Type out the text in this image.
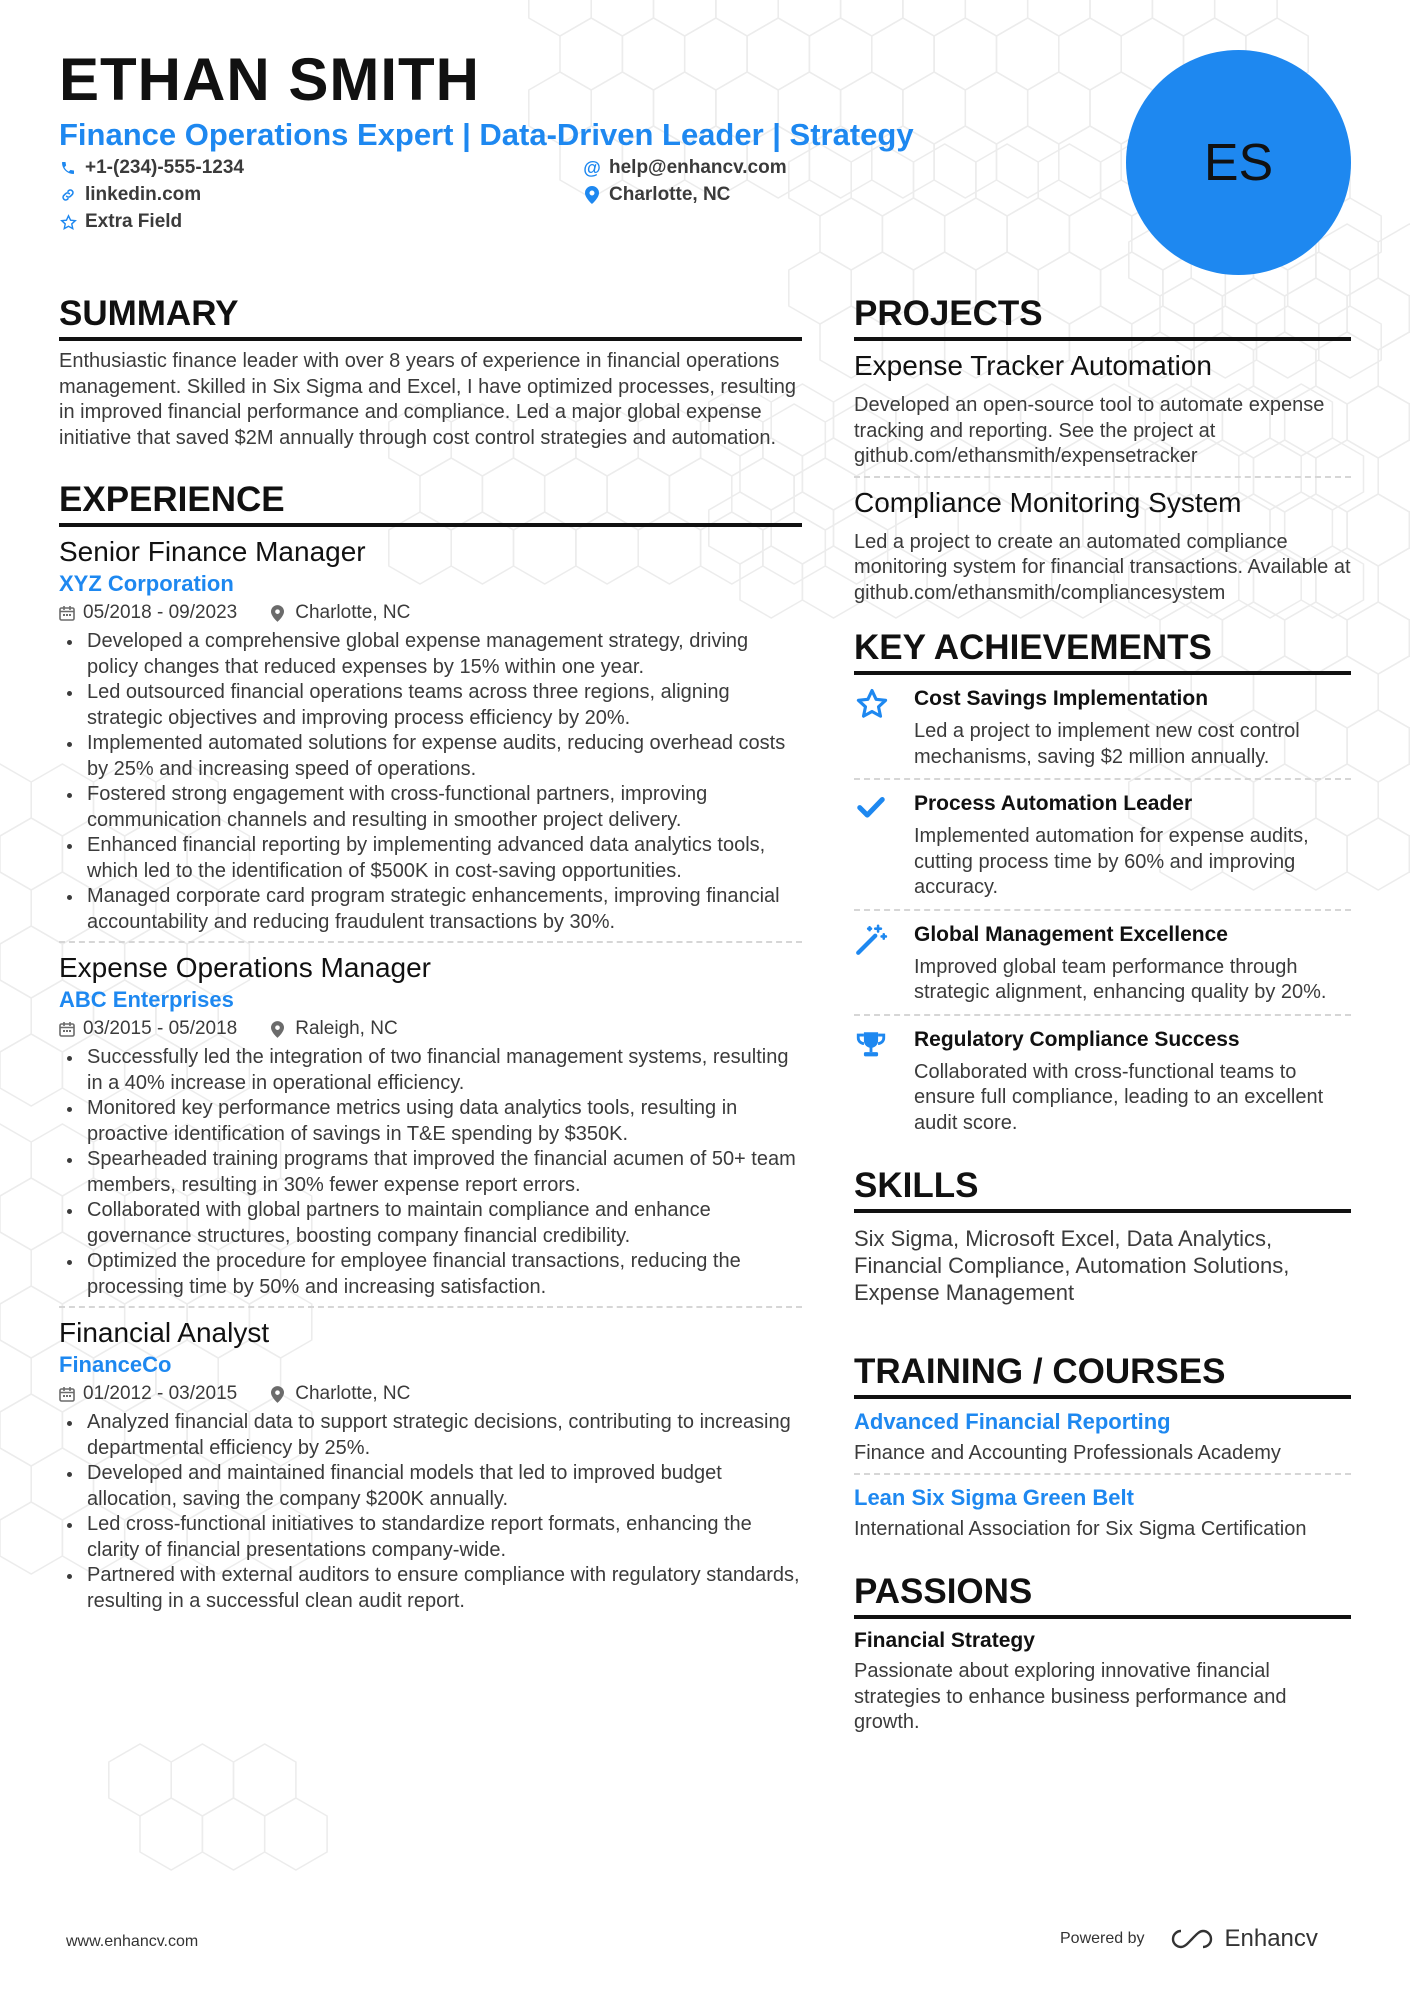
ETHAN SMITH
Finance Operations Expert | Data-Driven Leader | Strategy
+1-(234)-555-1234	@ help@enhancv.com
linkedin.com	Charlotte, NC
Extra Field
ES
SUMMARY
Enthusiastic finance leader with over 8 years of experience in financial operations management. Skilled in Six Sigma and Excel, I have optimized processes, resulting in improved financial performance and compliance. Led a major global expense initiative that saved $2M annually through cost control strategies and automation.
EXPERIENCE
Senior Finance Manager
XYZ Corporation
05/2018 - 09/2023	Charlotte, NC
Developed a comprehensive global expense management strategy, driving policy changes that reduced expenses by 15% within one year.
Led outsourced financial operations teams across three regions, aligning strategic objectives and improving process efficiency by 20%.
Implemented automated solutions for expense audits, reducing overhead costs by 25% and increasing speed of operations.
Fostered strong engagement with cross-functional partners, improving communication channels and resulting in smoother project delivery.
Enhanced financial reporting by implementing advanced data analytics tools, which led to the identification of $500K in cost-saving opportunities.
Managed corporate card program strategic enhancements, improving financial accountability and reducing fraudulent transactions by 30%.
Expense Operations Manager
ABC Enterprises
03/2015 - 05/2018	Raleigh, NC
Successfully led the integration of two financial management systems, resulting in a 40% increase in operational efficiency.
Monitored key performance metrics using data analytics tools, resulting in proactive identification of savings in T&E spending by $350K.
Spearheaded training programs that improved the financial acumen of 50+ team members, resulting in 30% fewer expense report errors.
Collaborated with global partners to maintain compliance and enhance governance structures, boosting company financial credibility.
Optimized the procedure for employee financial transactions, reducing the processing time by 50% and increasing satisfaction.
Financial Analyst
FinanceCo
01/2012 - 03/2015	Charlotte, NC
Analyzed financial data to support strategic decisions, contributing to increasing departmental efficiency by 25%.
Developed and maintained financial models that led to improved budget allocation, saving the company $200K annually.
Led cross-functional initiatives to standardize report formats, enhancing the clarity of financial presentations company-wide.
Partnered with external auditors to ensure compliance with regulatory standards, resulting in a successful clean audit report.
PROJECTS
Expense Tracker Automation
Developed an open-source tool to automate expense tracking and reporting. See the project at github.com/ethansmith/expensetracker
Compliance Monitoring System
Led a project to create an automated compliance monitoring system for financial transactions. Available at github.com/ethansmith/compliancesystem
KEY ACHIEVEMENTS
Cost Savings Implementation
Led a project to implement new cost control mechanisms, saving $2 million annually.
Process Automation Leader
Implemented automation for expense audits, cutting process time by 60% and improving accuracy.
Global Management Excellence
Improved global team performance through strategic alignment, enhancing quality by 20%.
Regulatory Compliance Success
Collaborated with cross-functional teams to ensure full compliance, leading to an excellent audit score.
SKILLS
Six Sigma, Microsoft Excel, Data Analytics, Financial Compliance, Automation Solutions, Expense Management
TRAINING / COURSES
Advanced Financial Reporting
Finance and Accounting Professionals Academy
Lean Six Sigma Green Belt
International Association for Six Sigma Certification
PASSIONS
Financial Strategy
Passionate about exploring innovative financial strategies to enhance business performance and growth.
www.enhancv.com	Powered by	Enhancv
